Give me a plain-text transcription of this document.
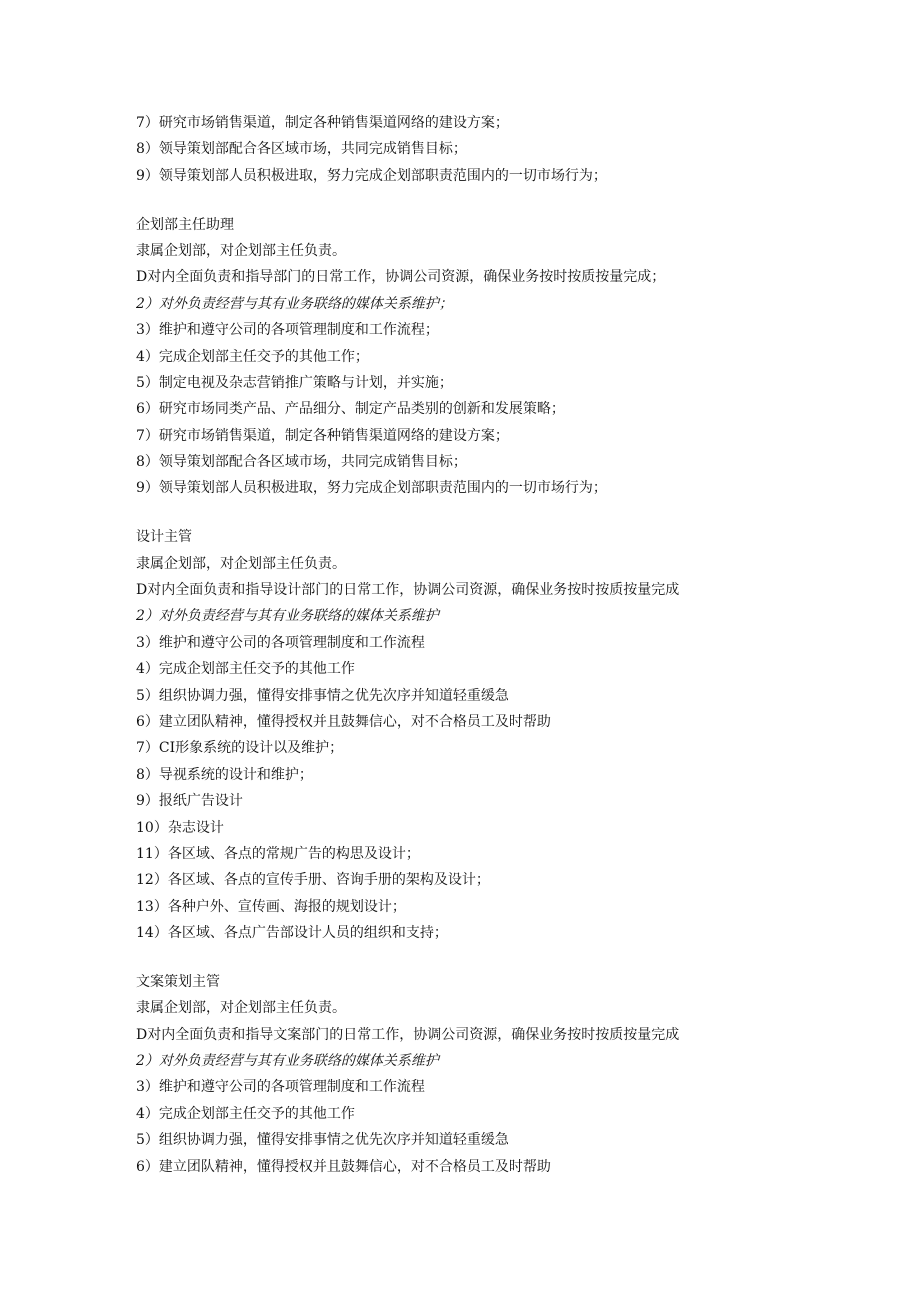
7）研究市场销售渠道，制定各种销售渠道网络的建设方案；
8）领导策划部配合各区域市场，共同完成销售目标；
9）领导策划部人员积极进取，努力完成企划部职责范围内的一切市场行为；
企划部主任助理
隶属企划部，对企划部主任负责。
D对内全面负责和指导部门的日常工作，协调公司资源，确保业务按时按质按量完成；
2）对外负责经营与其有业务联络的媒体关系维护；
3）维护和遵守公司的各项管理制度和工作流程；
4）完成企划部主任交予的其他工作；
5）制定电视及杂志营销推广策略与计划，并实施；
6）研究市场同类产品、产品细分、制定产品类别的创新和发展策略；
7）研究市场销售渠道，制定各种销售渠道网络的建设方案；
8）领导策划部配合各区域市场，共同完成销售目标；
9）领导策划部人员积极进取，努力完成企划部职责范围内的一切市场行为；
设计主管
隶属企划部，对企划部主任负责。
D对内全面负责和指导设计部门的日常工作，协调公司资源，确保业务按时按质按量完成
2）对外负责经营与其有业务联络的媒体关系维护
3）维护和遵守公司的各项管理制度和工作流程
4）完成企划部主任交予的其他工作
5）组织协调力强，懂得安排事情之优先次序并知道轻重缓急
6）建立团队精神，懂得授权并且鼓舞信心，对不合格员工及时帮助
7）CI形象系统的设计以及维护；
8）导视系统的设计和维护；
9）报纸广告设计
10）杂志设计
11）各区域、各点的常规广告的构思及设计；
12）各区域、各点的宣传手册、咨询手册的架构及设计；
13）各种户外、宣传画、海报的规划设计；
14）各区域、各点广告部设计人员的组织和支持；
文案策划主管
隶属企划部，对企划部主任负责。
D对内全面负责和指导文案部门的日常工作，协调公司资源，确保业务按时按质按量完成
2）对外负责经营与其有业务联络的媒体关系维护
3）维护和遵守公司的各项管理制度和工作流程
4）完成企划部主任交予的其他工作
5）组织协调力强，懂得安排事情之优先次序并知道轻重缓急
6）建立团队精神，懂得授权并且鼓舞信心，对不合格员工及时帮助
